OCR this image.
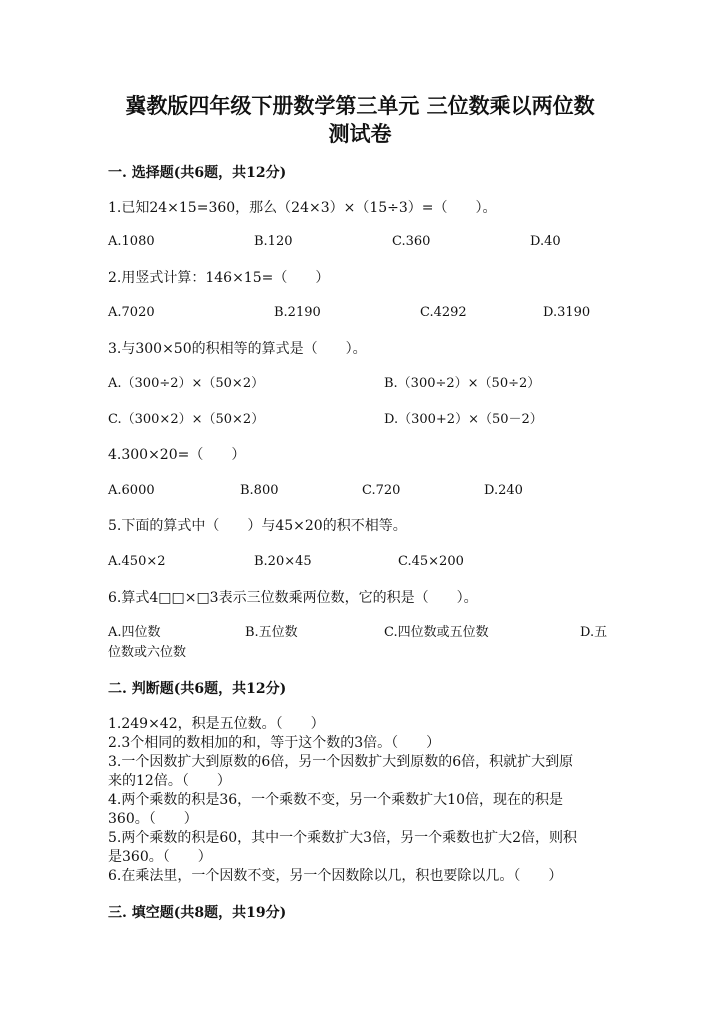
冀教版四年级下册数学第三单元 三位数乘以两位数
测试卷
一. 选择题(共6题，共12分)
1.已知24×15=360，那么（24×3）×（15÷3）=（　　）。
A.1080	B.120	C.360	D.40
2.用竖式计算：146×15=（　　）
A.7020	B.2190	C.4292	D.3190
3.与300×50的积相等的算式是（　　）。
A.（300÷2）×（50×2）	B.（300÷2）×（50÷2）
C.（300×2）×（50×2）	D.（300+2）×（50－2）
4.300×20=（　　）
A.6000	B.800	C.720	D.240
5.下面的算式中（　　）与45×20的积不相等。
A.450×2	B.20×45	C.45×200
6.算式4□□×□3表示三位数乘两位数，它的积是（　　）。
A.四位数	B.五位数	C.四位数或五位数	D.五
位数或六位数
二. 判断题(共6题，共12分)
1.249×42，积是五位数。（　　）
2.3个相同的数相加的和，等于这个数的3倍。（　　）
3.一个因数扩大到原数的6倍，另一个因数扩大到原数的6倍，积就扩大到原
来的12倍。（　　）
4.两个乘数的积是36，一个乘数不变，另一个乘数扩大10倍，现在的积是
360。（　　）
5.两个乘数的积是60，其中一个乘数扩大3倍，另一个乘数也扩大2倍，则积
是360。（　　）
6.在乘法里，一个因数不变，另一个因数除以几，积也要除以几。（　　）
三. 填空题(共8题，共19分)
